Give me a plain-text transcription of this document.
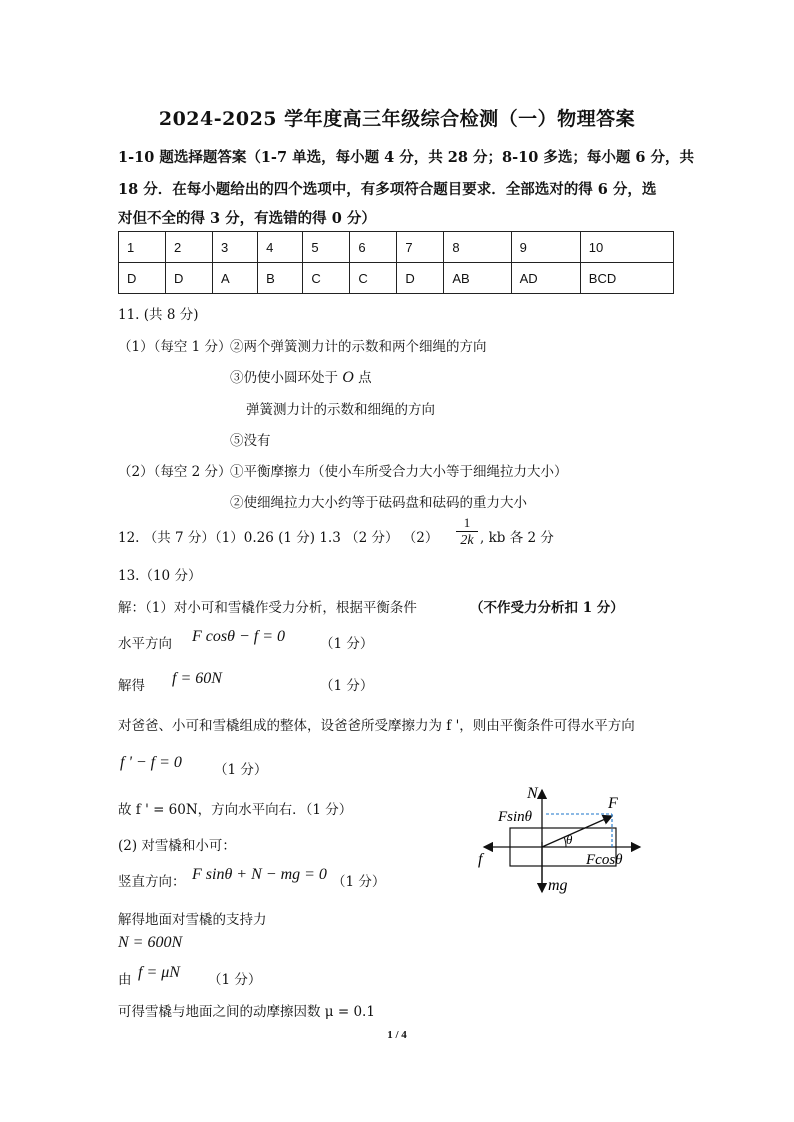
2024-2025 学年度高三年级综合检测（一）物理答案
1-10 题选择题答案（1-7 单选，每小题 4 分，共 28 分；8-10 多选；每小题 6 分，共
18 分．在每小题给出的四个选项中，有多项符合题目要求．全部选对的得 6 分，选
对但不全的得 3 分，有选错的得 0 分）
1	2	3	4	5	6	7	8	9	10
D	D	A	B	C	C	D	AB	AD	BCD
11. (共 8 分)
（1）（每空 1 分）
②两个弹簧测力计的示数和两个细绳的方向
③仍使小圆环处于 O 点
弹簧测力计的示数和细绳的方向
⑤没有
（2）（每空 2 分）
①平衡摩擦力（使小车所受合力大小等于细绳拉力大小）
②使细绳拉力大小约等于砝码盘和砝码的重力大小
12. （共 7 分）（1）0.26 (1 分) 1.3 （2 分） （2）
1
2k , kb 各 2 分
13.（10 分）
解：（1）对小可和雪橇作受力分析，根据平衡条件	（不作受力分析扣 1 分）
水平方向 F cosθ − f = 0	（1 分）
解得 f = 60N	（1 分）
对爸爸、小可和雪橇组成的整体，设爸爸所受摩擦力为 f '，则由平衡条件可得水平方向
f ' − f = 0 （1 分）
故 f ' = 60N，方向水平向右．（1 分）
(2) 对雪橇和小可：
竖直方向： F sinθ + N − mg = 0 （1 分）
解得地面对雪橇的支持力
N = 600N
由 f = μN （1 分）
可得雪橇与地面之间的动摩擦因数 μ = 0.1
N
F
Fsinθ
θ
f	Fcosθ
mg
1 / 4
